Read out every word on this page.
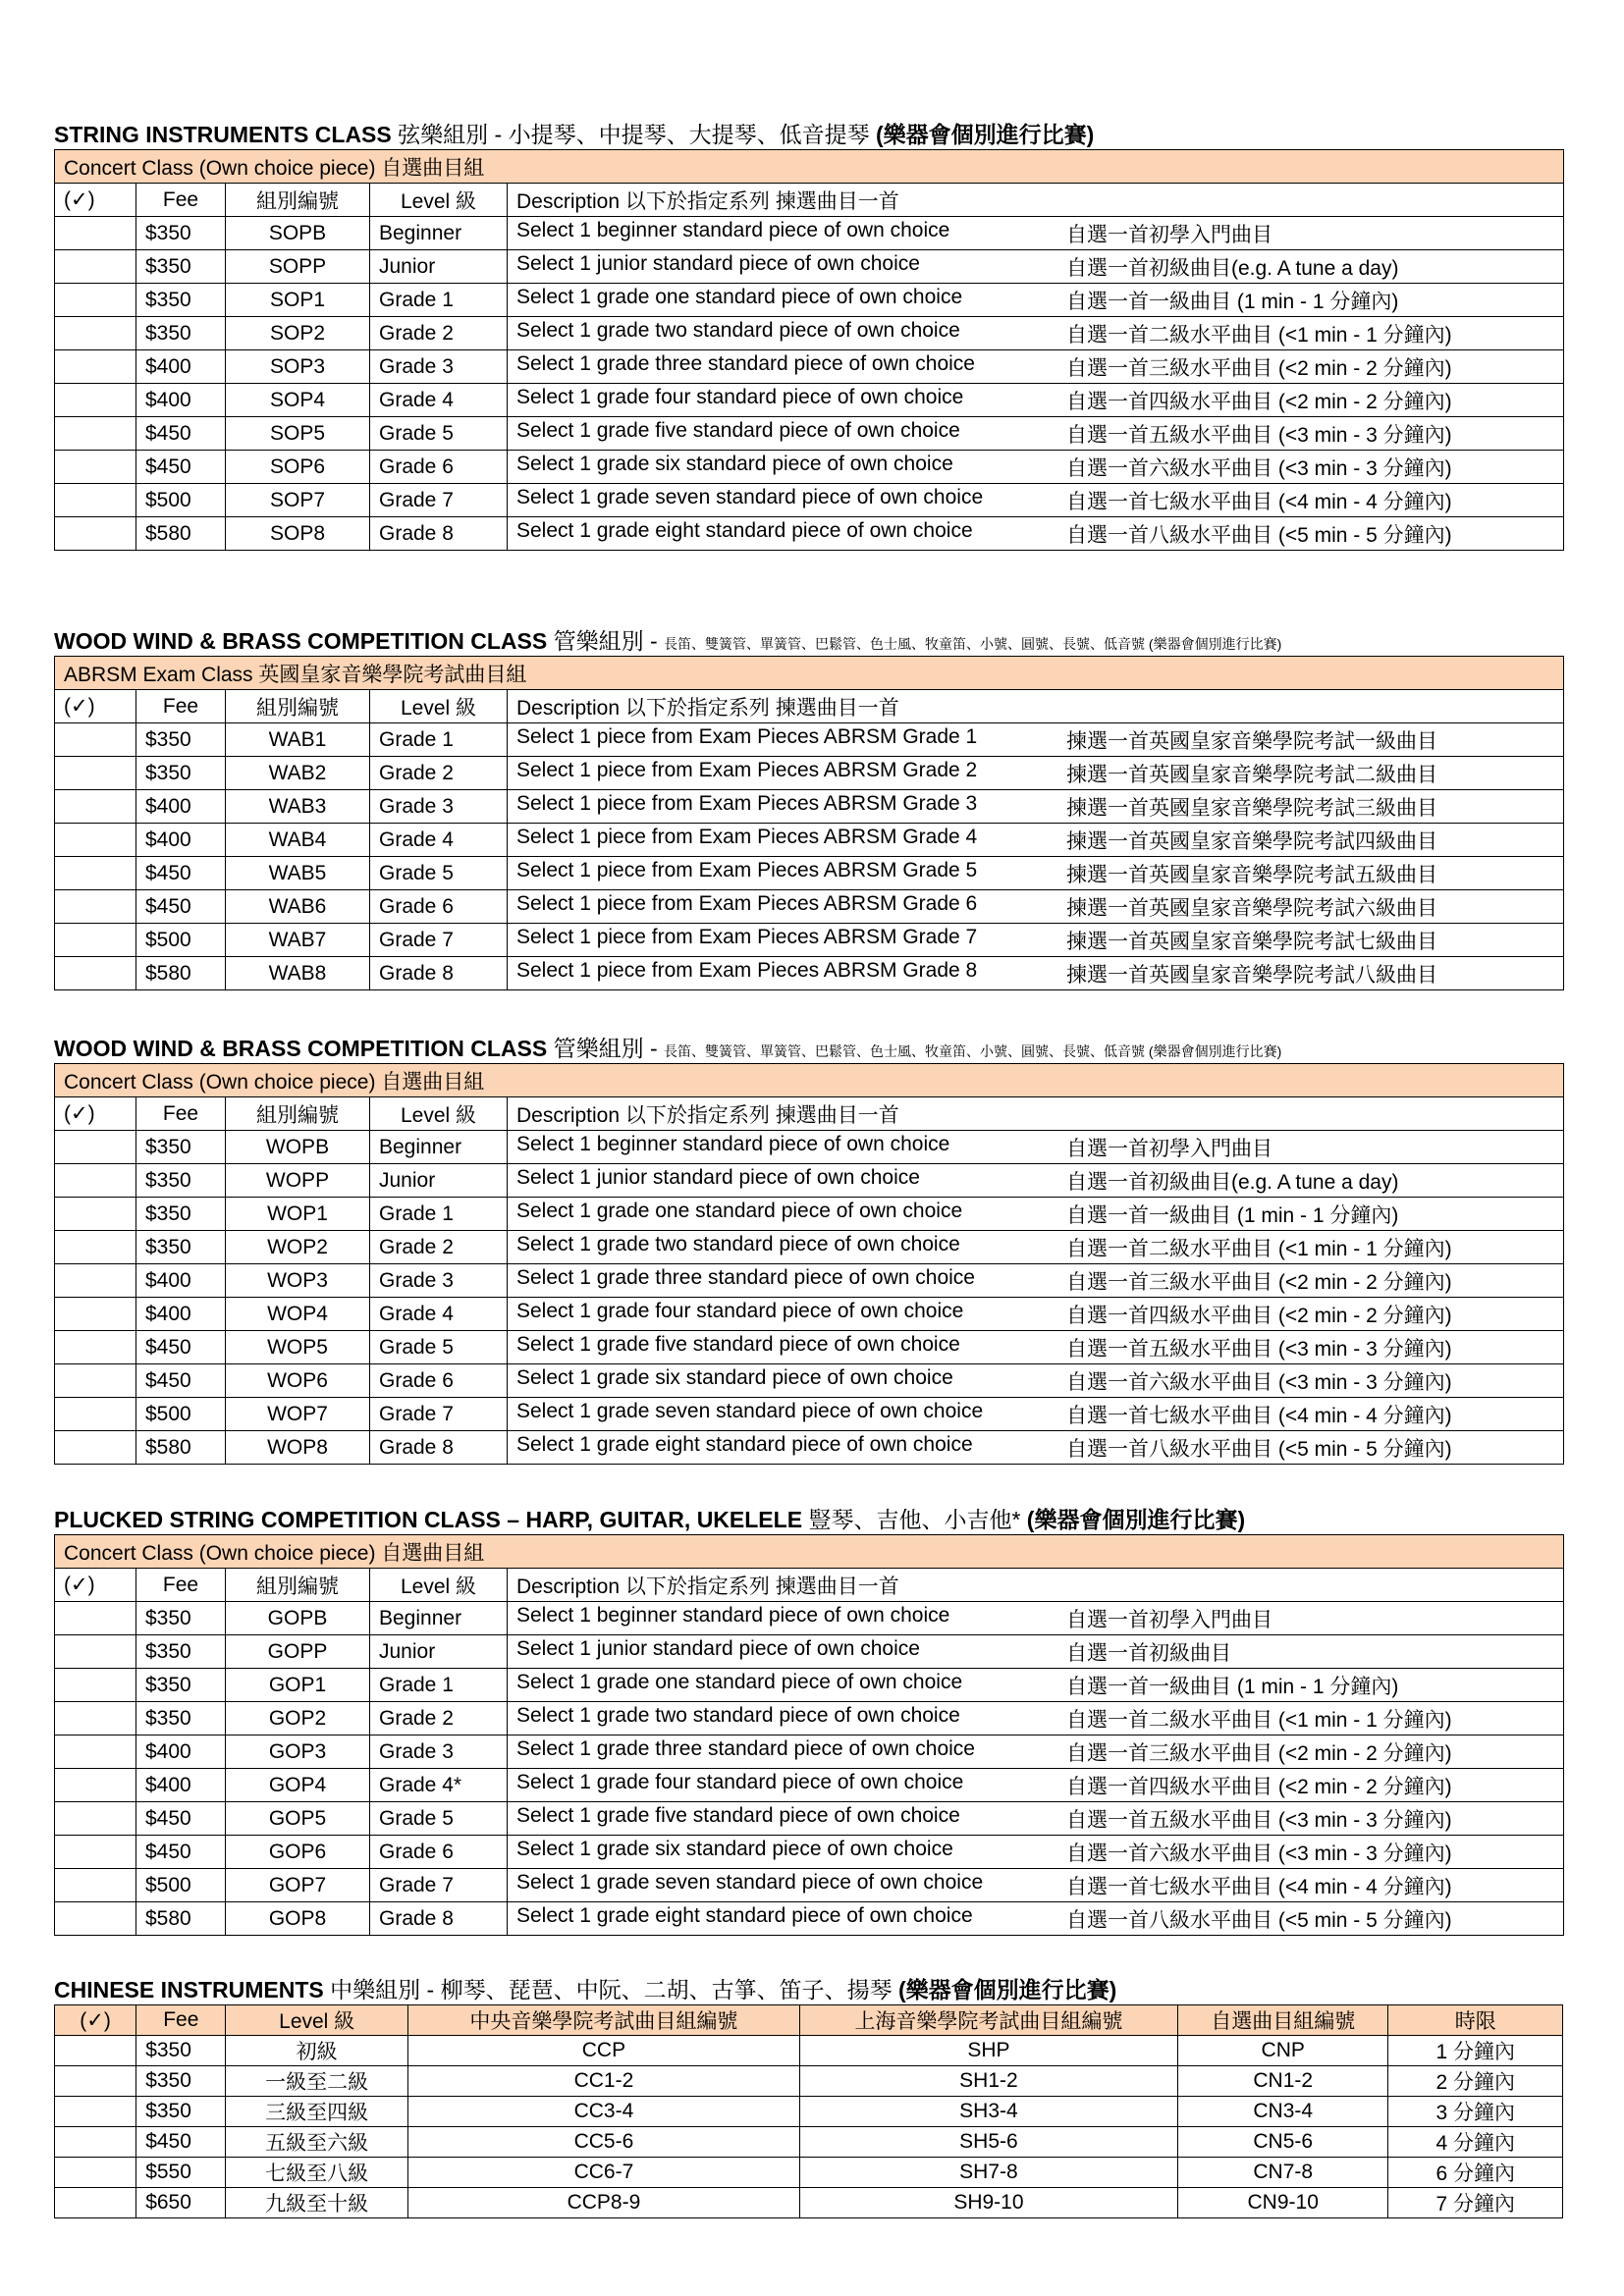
STRING INSTRUMENTS CLASS 弦樂組別 - 小提琴、中提琴、大提琴、低音提琴 (樂器會個別進行比賽)
Concert Class (Own choice piece) 自選曲目組				
(✓)	Fee	組別編號	Level 級	Description 以下於指定系列 揀選曲目一首
	$350	SOPB	Beginner	Select 1 beginner standard piece of own choice 自選一首初學入門曲目

	$350	SOPP	Junior	Select 1 junior standard piece of own choice 自選一首初級曲目(e.g. A tune a day)

	$350	SOP1	Grade 1	Select 1 grade one standard piece of own choice 自選一首一級曲目 (1 min - 1 分鐘內)

	$350	SOP2	Grade 2	Select 1 grade two standard piece of own choice 自選一首二級水平曲目 (<1 min - 1 分鐘內)

	$400	SOP3	Grade 3	Select 1 grade three standard piece of own choice 自選一首三級水平曲目 (<2 min - 2 分鐘內)

	$400	SOP4	Grade 4	Select 1 grade four standard piece of own choice 自選一首四級水平曲目 (<2 min - 2 分鐘內)

	$450	SOP5	Grade 5	Select 1 grade five standard piece of own choice 自選一首五級水平曲目 (<3 min - 3 分鐘內)

	$450	SOP6	Grade 6	Select 1 grade six standard piece of own choice 自選一首六級水平曲目 (<3 min - 3 分鐘內)

	$500	SOP7	Grade 7	Select 1 grade seven standard piece of own choice 自選一首七級水平曲目 (<4 min - 4 分鐘內)

	$580	SOP8	Grade 8	Select 1 grade eight standard piece of own choice 自選一首八級水平曲目 (<5 min - 5 分鐘內)
WOOD WIND & BRASS COMPETITION CLASS 管樂組別 - 長笛、雙簧管、單簧管、巴鬆管、色士風、牧童笛、小號、圓號、長號、低音號 (樂器會個別進行比賽)
ABRSM Exam Class 英國皇家音樂學院考試曲目組				
(✓)	Fee	組別編號	Level 級	Description 以下於指定系列 揀選曲目一首
	$350	WAB1	Grade 1	Select 1 piece from Exam Pieces ABRSM Grade 1 揀選一首英國皇家音樂學院考試一級曲目

	$350	WAB2	Grade 2	Select 1 piece from Exam Pieces ABRSM Grade 2 揀選一首英國皇家音樂學院考試二級曲目

	$400	WAB3	Grade 3	Select 1 piece from Exam Pieces ABRSM Grade 3 揀選一首英國皇家音樂學院考試三級曲目

	$400	WAB4	Grade 4	Select 1 piece from Exam Pieces ABRSM Grade 4 揀選一首英國皇家音樂學院考試四級曲目

	$450	WAB5	Grade 5	Select 1 piece from Exam Pieces ABRSM Grade 5 揀選一首英國皇家音樂學院考試五級曲目

	$450	WAB6	Grade 6	Select 1 piece from Exam Pieces ABRSM Grade 6 揀選一首英國皇家音樂學院考試六級曲目

	$500	WAB7	Grade 7	Select 1 piece from Exam Pieces ABRSM Grade 7 揀選一首英國皇家音樂學院考試七級曲目

	$580	WAB8	Grade 8	Select 1 piece from Exam Pieces ABRSM Grade 8 揀選一首英國皇家音樂學院考試八級曲目
WOOD WIND & BRASS COMPETITION CLASS 管樂組別 - 長笛、雙簧管、單簧管、巴鬆管、色士風、牧童笛、小號、圓號、長號、低音號 (樂器會個別進行比賽)
Concert Class (Own choice piece) 自選曲目組				
(✓)	Fee	組別編號	Level 級	Description 以下於指定系列 揀選曲目一首
	$350	WOPB	Beginner	Select 1 beginner standard piece of own choice 自選一首初學入門曲目

	$350	WOPP	Junior	Select 1 junior standard piece of own choice 自選一首初級曲目(e.g. A tune a day)

	$350	WOP1	Grade 1	Select 1 grade one standard piece of own choice 自選一首一級曲目 (1 min - 1 分鐘內)

	$350	WOP2	Grade 2	Select 1 grade two standard piece of own choice 自選一首二級水平曲目 (<1 min - 1 分鐘內)

	$400	WOP3	Grade 3	Select 1 grade three standard piece of own choice 自選一首三級水平曲目 (<2 min - 2 分鐘內)

	$400	WOP4	Grade 4	Select 1 grade four standard piece of own choice 自選一首四級水平曲目 (<2 min - 2 分鐘內)

	$450	WOP5	Grade 5	Select 1 grade five standard piece of own choice 自選一首五級水平曲目 (<3 min - 3 分鐘內)

	$450	WOP6	Grade 6	Select 1 grade six standard piece of own choice 自選一首六級水平曲目 (<3 min - 3 分鐘內)

	$500	WOP7	Grade 7	Select 1 grade seven standard piece of own choice 自選一首七級水平曲目 (<4 min - 4 分鐘內)

	$580	WOP8	Grade 8	Select 1 grade eight standard piece of own choice 自選一首八級水平曲目 (<5 min - 5 分鐘內)
PLUCKED STRING COMPETITION CLASS – HARP, GUITAR, UKELELE 豎琴、吉他、小吉他* (樂器會個別進行比賽)
Concert Class (Own choice piece) 自選曲目組				
(✓)	Fee	組別編號	Level 級	Description 以下於指定系列 揀選曲目一首
	$350	GOPB	Beginner	Select 1 beginner standard piece of own choice 自選一首初學入門曲目

	$350	GOPP	Junior	Select 1 junior standard piece of own choice 自選一首初級曲目

	$350	GOP1	Grade 1	Select 1 grade one standard piece of own choice 自選一首一級曲目 (1 min - 1 分鐘內)

	$350	GOP2	Grade 2	Select 1 grade two standard piece of own choice 自選一首二級水平曲目 (<1 min - 1 分鐘內)

	$400	GOP3	Grade 3	Select 1 grade three standard piece of own choice 自選一首三級水平曲目 (<2 min - 2 分鐘內)

	$400	GOP4	Grade 4*	Select 1 grade four standard piece of own choice 自選一首四級水平曲目 (<2 min - 2 分鐘內)

	$450	GOP5	Grade 5	Select 1 grade five standard piece of own choice 自選一首五級水平曲目 (<3 min - 3 分鐘內)

	$450	GOP6	Grade 6	Select 1 grade six standard piece of own choice 自選一首六級水平曲目 (<3 min - 3 分鐘內)

	$500	GOP7	Grade 7	Select 1 grade seven standard piece of own choice 自選一首七級水平曲目 (<4 min - 4 分鐘內)

	$580	GOP8	Grade 8	Select 1 grade eight standard piece of own choice 自選一首八級水平曲目 (<5 min - 5 分鐘內)
CHINESE INSTRUMENTS 中樂組別 - 柳琴、琵琶、中阮、二胡、古箏、笛子、揚琴 (樂器會個別進行比賽)
(✓)	Fee	Level 級	中央音樂學院考試曲目組編號	上海音樂學院考試曲目組編號	自選曲目組編號	時限
	$350	初級	CCP	SHP	CNP	1 分鐘內
	$350	一級至二級	CC1-2	SH1-2	CN1-2	2 分鐘內
	$350	三級至四級	CC3-4	SH3-4	CN3-4	3 分鐘內
	$450	五級至六級	CC5-6	SH5-6	CN5-6	4 分鐘內
	$550	七級至八級	CC6-7	SH7-8	CN7-8	6 分鐘內
	$650	九級至十級	CCP8-9	SH9-10	CN9-10	7 分鐘內
